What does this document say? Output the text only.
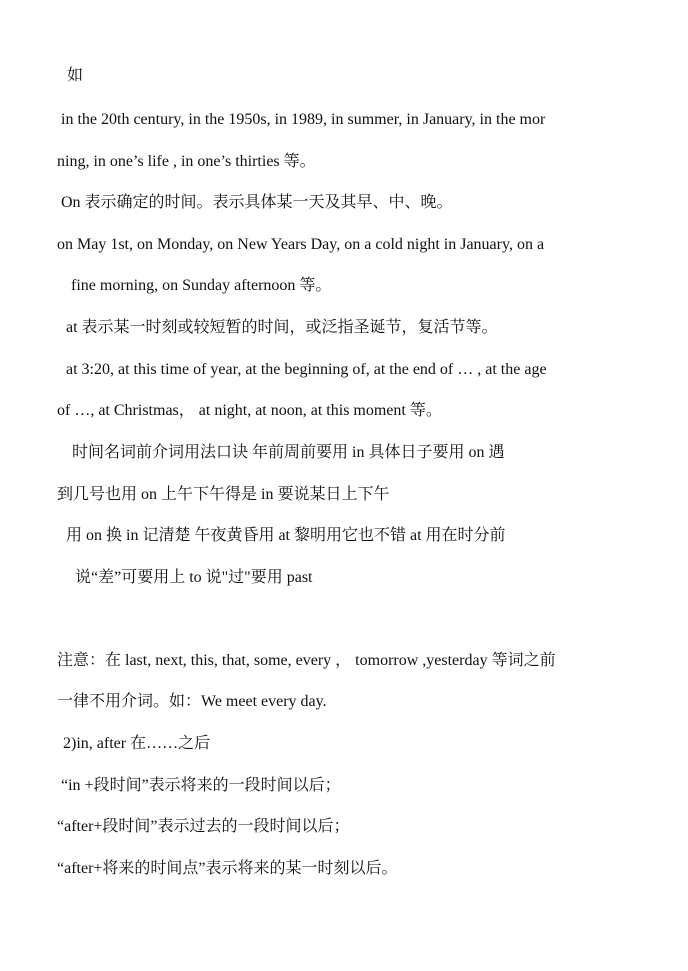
如
in the 20th century, in the 1950s, in 1989, in summer, in January, in the mor
ning, in one’s life , in one’s thirties 等。
On 表示确定的时间。表示具体某一天及其早、中、晚。
on May 1st, on Monday, on New Years Day, on a cold night in January, on a
fine morning, on Sunday afternoon 等。
at 表示某一时刻或较短暂的时间，或泛指圣诞节，复活节等。
at 3:20, at this time of year, at the beginning of, at the end of … , at the age
of …, at Christmas， at night, at noon, at this moment 等。
时间名词前介词用法口诀 年前周前要用 in 具体日子要用 on 遇
到几号也用 on 上午下午得是 in 要说某日上下午
用 on 换 in 记清楚 午夜黄昏用 at 黎明用它也不错 at 用在时分前
说“差”可要用上 to 说"过"要用 past
注意：在 last, next, this, that, some, every ， tomorrow ,yesterday 等词之前
一律不用介词。如：We meet every day.
2)in, after 在……之后
“in +段时间”表示将来的一段时间以后；
“after+段时间”表示过去的一段时间以后；
“after+将来的时间点”表示将来的某一时刻以后。
